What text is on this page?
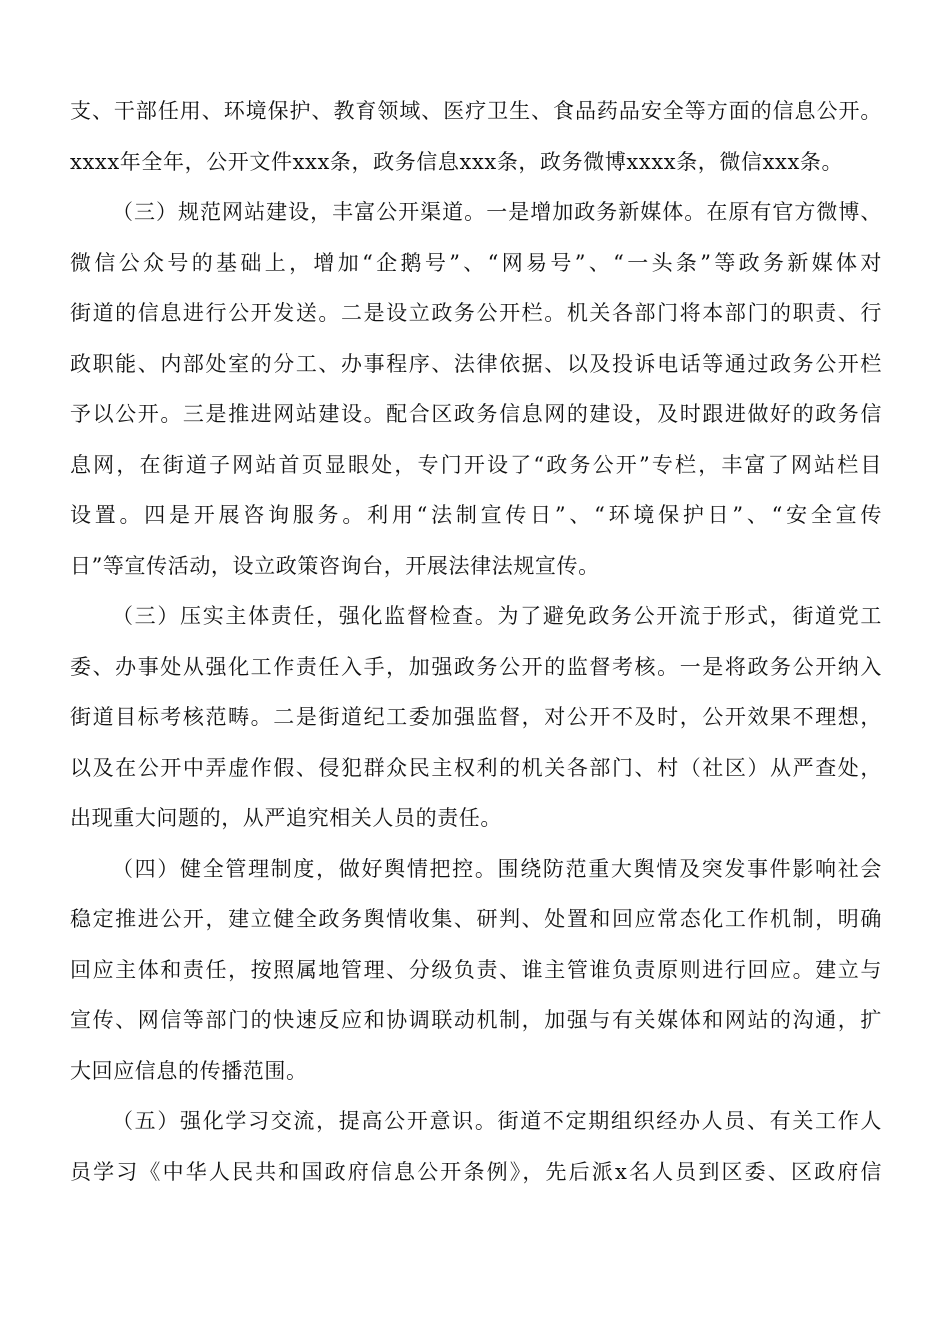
支、干部任用、环境保护、教育领域、医疗卫生、食品药品安全等方面的信息公开。
xxxx年全年，公开文件xxx条，政务信息xxx条，政务微博xxxx条，微信xxx条。
（三）规范网站建设，丰富公开渠道。一是增加政务新媒体。在原有官方微博、
微信公众号的基础上，增加“企鹅号”、“网易号”、“一头条”等政务新媒体对
街道的信息进行公开发送。二是设立政务公开栏。机关各部门将本部门的职责、行
政职能、内部处室的分工、办事程序、法律依据、以及投诉电话等通过政务公开栏
予以公开。三是推进网站建设。配合区政务信息网的建设，及时跟进做好的政务信
息网，在街道子网站首页显眼处，专门开设了“政务公开”专栏，丰富了网站栏目
设置。四是开展咨询服务。利用“法制宣传日”、“环境保护日”、“安全宣传
日”等宣传活动，设立政策咨询台，开展法律法规宣传。
（三）压实主体责任，强化监督检查。为了避免政务公开流于形式，街道党工
委、办事处从强化工作责任入手，加强政务公开的监督考核。一是将政务公开纳入
街道目标考核范畴。二是街道纪工委加强监督，对公开不及时，公开效果不理想，
以及在公开中弄虚作假、侵犯群众民主权利的机关各部门、村（社区）从严查处，
出现重大问题的，从严追究相关人员的责任。
（四）健全管理制度，做好舆情把控。围绕防范重大舆情及突发事件影响社会
稳定推进公开，建立健全政务舆情收集、研判、处置和回应常态化工作机制，明确
回应主体和责任，按照属地管理、分级负责、谁主管谁负责原则进行回应。建立与
宣传、网信等部门的快速反应和协调联动机制，加强与有关媒体和网站的沟通，扩
大回应信息的传播范围。
（五）强化学习交流，提高公开意识。街道不定期组织经办人员、有关工作人
员学习《中华人民共和国政府信息公开条例》，先后派x名人员到区委、区政府信
